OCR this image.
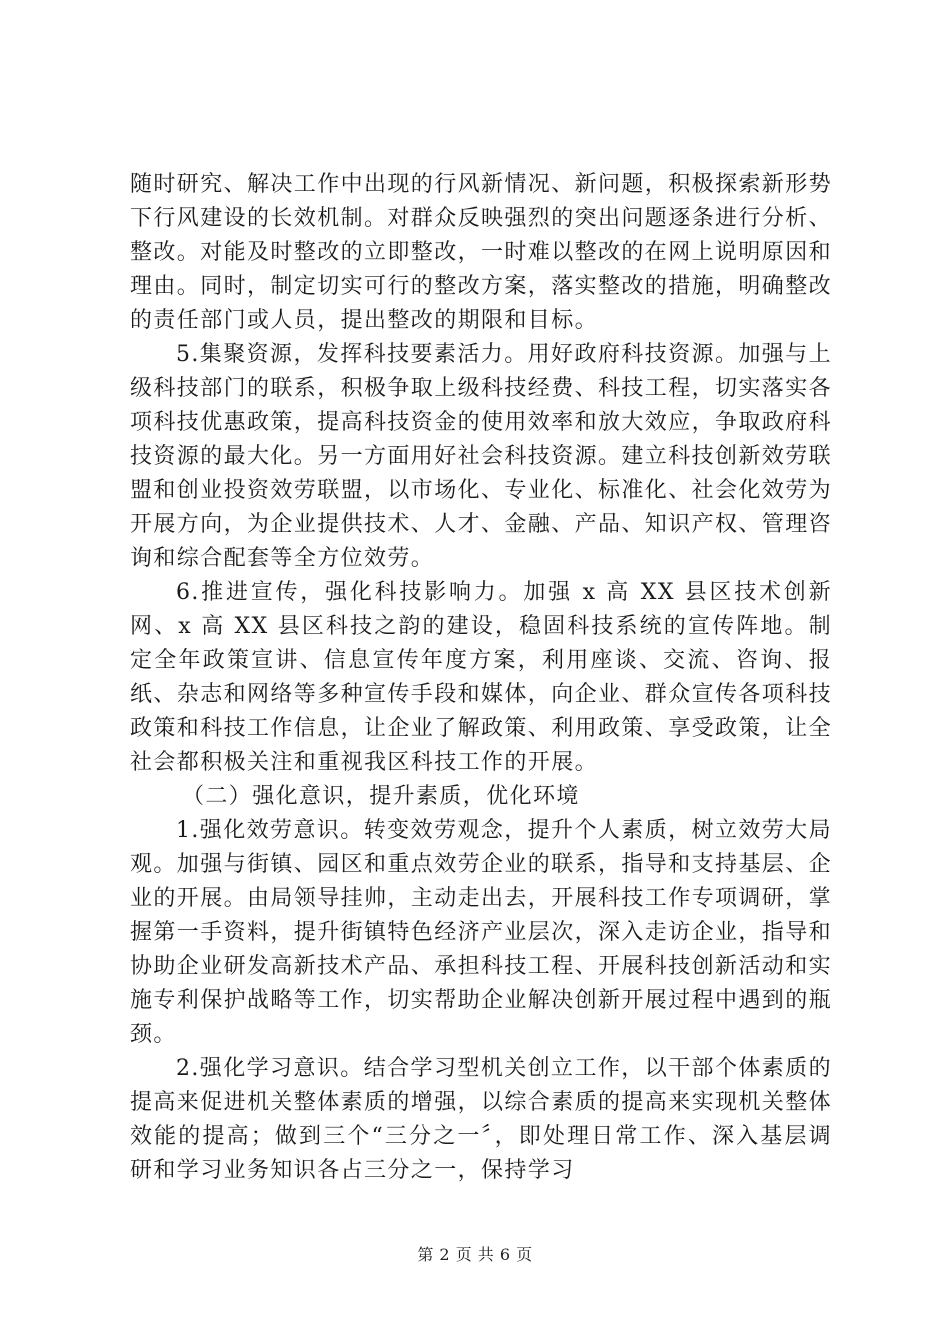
随时研究、解决工作中出现的行风新情况、新问题，积极探索新形势下行风建设的长效机制。对群众反映强烈的突出问题逐条进行分析、整改。对能及时整改的立即整改，一时难以整改的在网上说明原因和理由。同时，制定切实可行的整改方案，落实整改的措施，明确整改的责任部门或人员，提出整改的期限和目标。

5.集聚资源，发挥科技要素活力。用好政府科技资源。加强与上级科技部门的联系，积极争取上级科技经费、科技工程，切实落实各项科技优惠政策，提高科技资金的使用效率和放大效应，争取政府科技资源的最大化。另一方面用好社会科技资源。建立科技创新效劳联盟和创业投资效劳联盟，以市场化、专业化、标准化、社会化效劳为开展方向，为企业提供技术、人才、金融、产品、知识产权、管理咨询和综合配套等全方位效劳。

6.推进宣传，强化科技影响力。加强 x 高 XX 县区技术创新网、x 高 XX 县区科技之韵的建设，稳固科技系统的宣传阵地。制定全年政策宣讲、信息宣传年度方案，利用座谈、交流、咨询、报纸、杂志和网络等多种宣传手段和媒体，向企业、群众宣传各项科技政策和科技工作信息，让企业了解政策、利用政策、享受政策，让全社会都积极关注和重视我区科技工作的开展。

（二）强化意识，提升素质，优化环境

1.强化效劳意识。转变效劳观念，提升个人素质，树立效劳大局观。加强与街镇、园区和重点效劳企业的联系，指导和支持基层、企业的开展。由局领导挂帅，主动走出去，开展科技工作专项调研，掌握第一手资料，提升街镇特色经济产业层次，深入走访企业，指导和协助企业研发高新技术产品、承担科技工程、开展科技创新活动和实施专利保护战略等工作，切实帮助企业解决创新开展过程中遇到的瓶颈。

2.强化学习意识。结合学习型机关创立工作，以干部个体素质的提高来促进机关整体素质的增强，以综合素质的提高来实现机关整体效能的提高；做到三个“三分之一〞，即处理日常工作、深入基层调研和学习业务知识各占三分之一，保持学习

第 2 页 共 6 页
